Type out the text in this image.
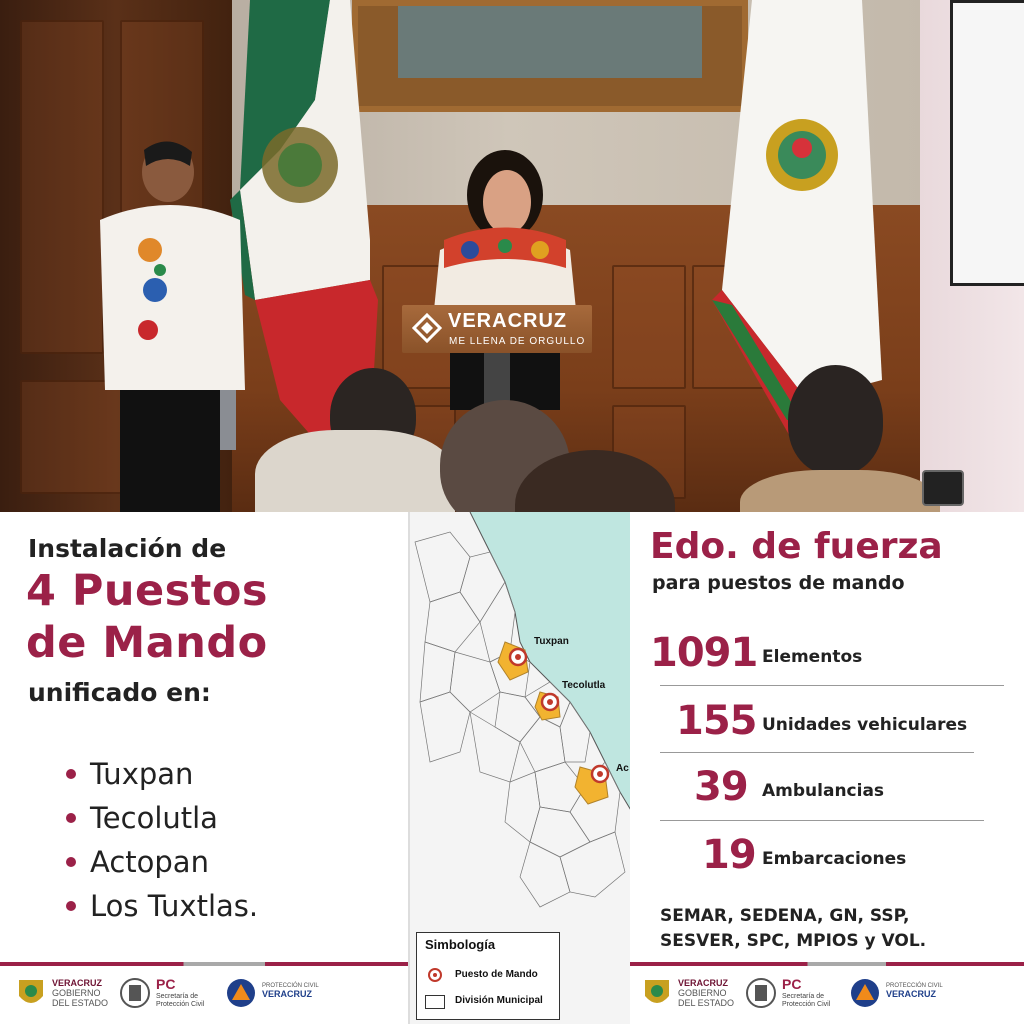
VERACRUZ
ME LLENA DE ORGULLO
Instalación de
4 Puestos
de Mando
unificado en:
Tuxpan
Tecolutla
Actopan
Los Tuxtlas.
VERACRUZ
GOBIERNO
DEL ESTADO
PC
Secretaría de
Protección Civil
PROTECCIÓN CIVIL
VERACRUZ
Tuxpan
Tecolutla
Ac
Simbología
Puesto de Mando
División Municipal
Edo. de fuerza
para puestos de mando
1091 Elementos
155 Unidades vehiculares
39 Ambulancias
19 Embarcaciones
SEMAR, SEDENA, GN, SSP,
SESVER, SPC, MPIOS y VOL.
VERACRUZ
GOBIERNO
DEL ESTADO
PC
Secretaría de
Protección Civil
PROTECCIÓN CIVIL
VERACRUZ
